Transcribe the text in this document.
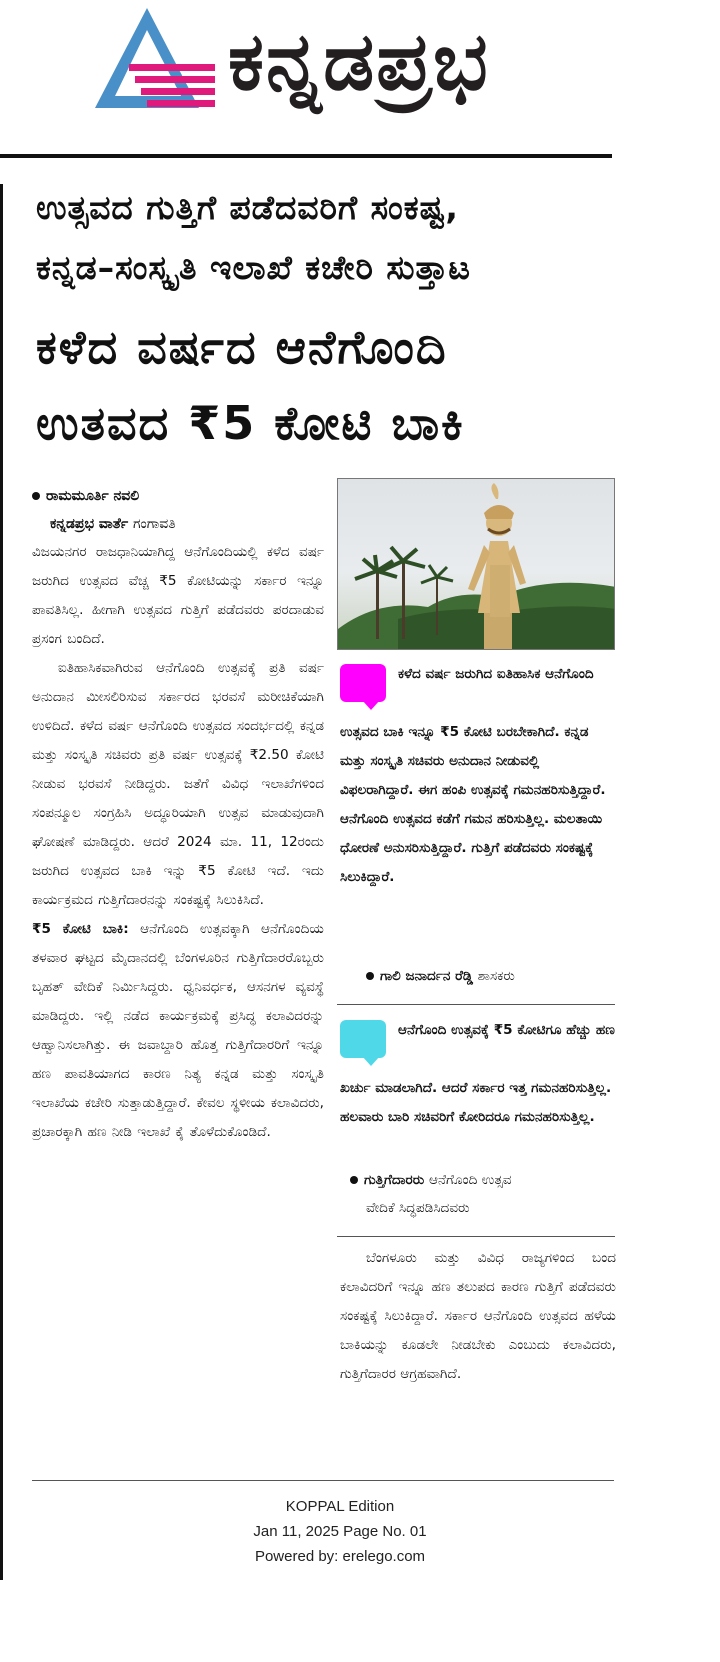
ಕನ್ನಡಪ್ರಭ
ಉತ್ಸವದ ಗುತ್ತಿಗೆ ಪಡೆದವರಿಗೆ ಸಂಕಷ್ಟ,
ಕನ್ನಡ–ಸಂಸ್ಕೃತಿ ಇಲಾಖೆ ಕಚೇರಿ ಸುತ್ತಾಟ
ಕಳೆದ ವರ್ಷದ ಆನೆಗೊಂದಿ
ಉತವದ ₹5 ಕೋಟಿ ಬಾಕಿ
ರಾಮಮೂರ್ತಿ ನವಲಿ
ಕನ್ನಡಪ್ರಭ ವಾರ್ತೆ ಗಂಗಾವತಿ

ವಿಜಯನಗರ ರಾಜಧಾನಿಯಾಗಿದ್ದ ಆನೆಗೊಂದಿಯಲ್ಲಿ ಕಳೆದ ವರ್ಷ ಜರುಗಿದ ಉತ್ಸವದ ವೆಚ್ಚ ₹5 ಕೋಟಿಯನ್ನು ಸರ್ಕಾರ ಇನ್ನೂ ಪಾವತಿಸಿಲ್ಲ. ಹೀಗಾಗಿ ಉತ್ಸವದ ಗುತ್ತಿಗೆ ಪಡೆದವರು ಪರದಾಡುವ ಪ್ರಸಂಗ ಬಂದಿದೆ.

ಐತಿಹಾಸಿಕವಾಗಿರುವ ಆನೆಗೊಂದಿ ಉತ್ಸವಕ್ಕೆ ಪ್ರತಿ ವರ್ಷ ಅನುದಾನ ಮೀಸಲಿರಿಸುವ ಸರ್ಕಾರದ ಭರವಸೆ ಮರೀಚಿಕೆಯಾಗಿ ಉಳಿದಿದೆ. ಕಳೆದ ವರ್ಷ ಆನೆಗೊಂದಿ ಉತ್ಸವದ ಸಂದರ್ಭದಲ್ಲಿ ಕನ್ನಡ ಮತ್ತು ಸಂಸ್ಕೃತಿ ಸಚಿವರು ಪ್ರತಿ ವರ್ಷ ಉತ್ಸವಕ್ಕೆ ₹2.50 ಕೋಟಿ ನೀಡುವ ಭರವಸೆ ನೀಡಿದ್ದರು. ಜತೆಗೆ ವಿವಿಧ ಇಲಾಖೆಗಳಿಂದ ಸಂಪನ್ಮೂಲ ಸಂಗ್ರಹಿಸಿ ಅದ್ಧೂರಿಯಾಗಿ ಉತ್ಸವ ಮಾಡುವುದಾಗಿ ಘೋಷಣೆ ಮಾಡಿದ್ದರು. ಆದರೆ 2024 ಮಾ. 11, 12ರಂದು ಜರುಗಿದ ಉತ್ಸವದ ಬಾಕಿ ಇನ್ನು ₹5 ಕೋಟಿ ಇದೆ. ಇದು ಕಾರ್ಯಕ್ರಮದ ಗುತ್ತಿಗೆದಾರನನ್ನು ಸಂಕಷ್ಟಕ್ಕೆ ಸಿಲುಕಿಸಿದೆ.

₹5 ಕೋಟಿ ಬಾಕಿ: ಆನೆಗೊಂದಿ ಉತ್ಸವಕ್ಕಾಗಿ ಆನೆಗೊಂದಿಯ ತಳವಾರ ಘಟ್ಟದ ಮೈದಾನದಲ್ಲಿ ಬೆಂಗಳೂರಿನ ಗುತ್ತಿಗೆದಾರರೊಬ್ಬರು ಬೃಹತ್ ವೇದಿಕೆ ನಿರ್ಮಿಸಿದ್ದರು. ಧ್ವನಿವರ್ಧಕ, ಆಸನಗಳ ವ್ಯವಸ್ಥೆ ಮಾಡಿದ್ದರು. ಇಲ್ಲಿ ನಡೆದ ಕಾರ್ಯಕ್ರಮಕ್ಕೆ ಪ್ರಸಿದ್ಧ ಕಲಾವಿದರನ್ನು ಆಹ್ವಾನಿಸಲಾಗಿತ್ತು. ಈ ಜವಾಬ್ದಾರಿ ಹೊತ್ತ ಗುತ್ತಿಗೆದಾರರಿಗೆ ಇನ್ನೂ ಹಣ ಪಾವತಿಯಾಗದ ಕಾರಣ ನಿತ್ಯ ಕನ್ನಡ ಮತ್ತು ಸಂಸ್ಕೃತಿ ಇಲಾಖೆಯ ಕಚೇರಿ ಸುತ್ತಾಡುತ್ತಿದ್ದಾರೆ. ಕೇವಲ ಸ್ಥಳೀಯ ಕಲಾವಿದರು, ಪ್ರಚಾರಕ್ಕಾಗಿ ಹಣ ನೀಡಿ ಇಲಾಖೆ ಕೈ ತೊಳೆದುಕೊಂಡಿದೆ.

ಕಳೆದ ವರ್ಷ ಜರುಗಿದ ಐತಿಹಾಸಿಕ ಆನೆಗೊಂದಿ
ಉತ್ಸವದ ಬಾಕಿ ಇನ್ನೂ ₹5 ಕೋಟಿ ಬರಬೇಕಾಗಿದೆ. ಕನ್ನಡ ಮತ್ತು ಸಂಸ್ಕೃತಿ ಸಚಿವರು ಅನುದಾನ ನೀಡುವಲ್ಲಿ ವಿಫಲರಾಗಿದ್ದಾರೆ. ಈಗ ಹಂಪಿ ಉತ್ಸವಕ್ಕೆ ಗಮನಹರಿಸುತ್ತಿದ್ದಾರೆ. ಆನೆಗೊಂದಿ ಉತ್ಸವದ ಕಡೆಗೆ ಗಮನ ಹರಿಸುತ್ತಿಲ್ಲ. ಮಲತಾಯಿ ಧೋರಣೆ ಅನುಸರಿಸುತ್ತಿದ್ದಾರೆ. ಗುತ್ತಿಗೆ ಪಡೆದವರು ಸಂಕಷ್ಟಕ್ಕೆ ಸಿಲುಕಿದ್ದಾರೆ.
ಗಾಲಿ ಜನಾರ್ದನ ರೆಡ್ಡಿ ಶಾಸಕರು
ಆನೆಗೊಂದಿ ಉತ್ಸವಕ್ಕೆ ₹5 ಕೋಟಿಗೂ ಹೆಚ್ಚು ಹಣ
ಖರ್ಚು ಮಾಡಲಾಗಿದೆ. ಆದರೆ ಸರ್ಕಾರ ಇತ್ತ ಗಮನಹರಿಸುತ್ತಿಲ್ಲ. ಹಲವಾರು ಬಾರಿ ಸಚಿವರಿಗೆ ಕೋರಿದರೂ ಗಮನಹರಿಸುತ್ತಿಲ್ಲ.
ಗುತ್ತಿಗೆದಾರರು ಆನೆಗೊಂದಿ ಉತ್ಸವ
ವೇದಿಕೆ ಸಿದ್ಧಪಡಿಸಿದವರು

ಬೆಂಗಳೂರು ಮತ್ತು ವಿವಿಧ ರಾಜ್ಯಗಳಿಂದ ಬಂದ ಕಲಾವಿದರಿಗೆ ಇನ್ನೂ ಹಣ ತಲುಪದ ಕಾರಣ ಗುತ್ತಿಗೆ ಪಡೆದವರು ಸಂಕಷ್ಟಕ್ಕೆ ಸಿಲುಕಿದ್ದಾರೆ. ಸರ್ಕಾರ ಆನೆಗೊಂದಿ ಉತ್ಸವದ ಹಳೆಯ ಬಾಕಿಯನ್ನು ಕೂಡಲೇ ನೀಡಬೇಕು ಎಂಬುದು ಕಲಾವಿದರು, ಗುತ್ತಿಗೆದಾರರ ಆಗ್ರಹವಾಗಿದೆ.

KOPPAL Edition
Jan 11, 2025 Page No. 01
Powered by: erelego.com
